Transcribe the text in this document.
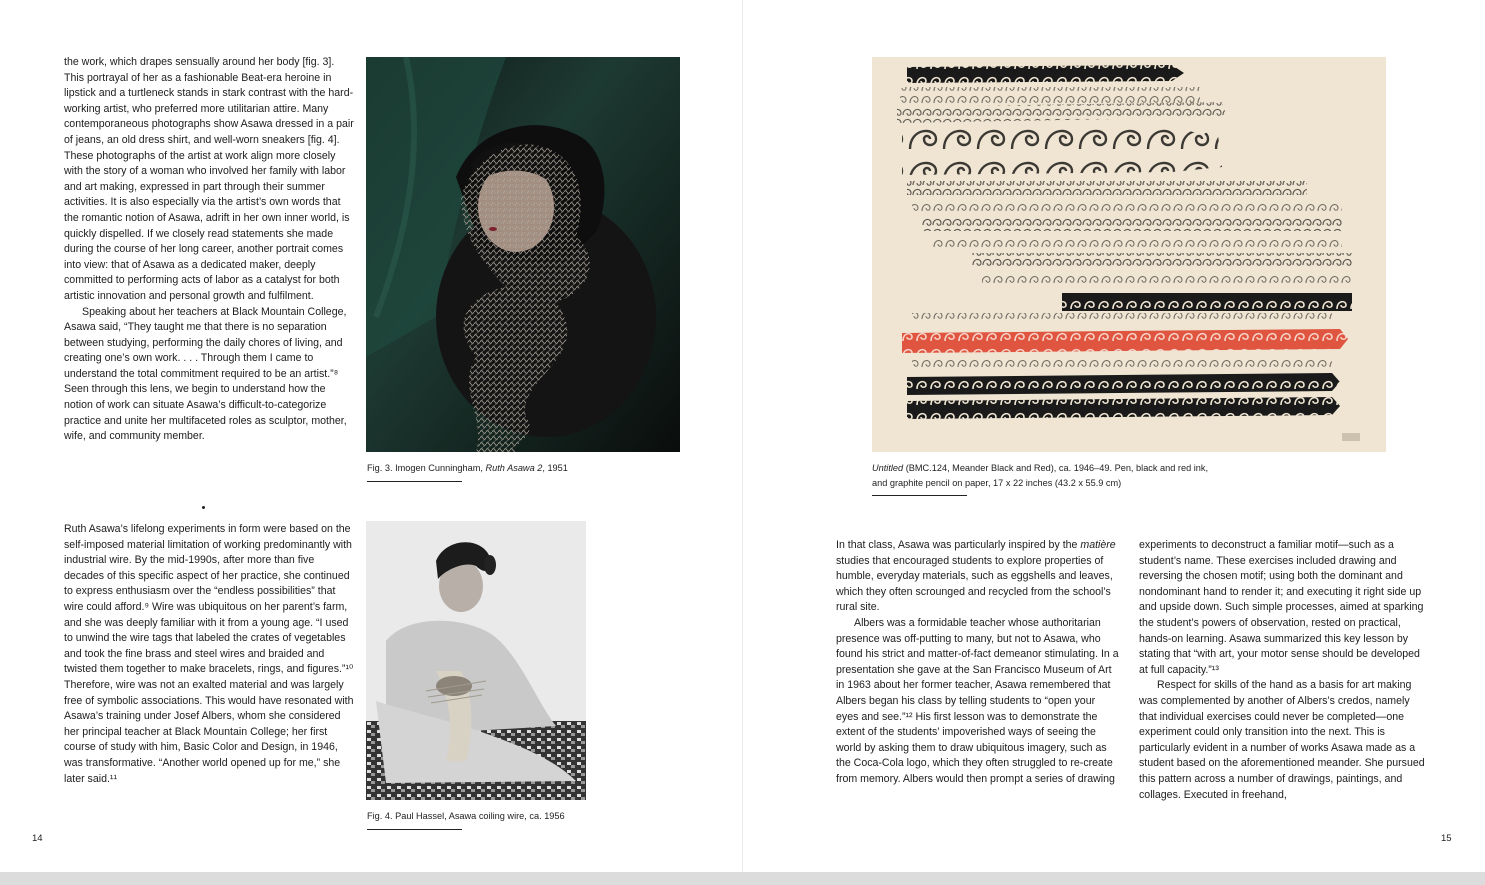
the work, which drapes sensually around her body [fig. 3]. This portrayal of her as a fashionable Beat-era heroine in lipstick and a turtleneck stands in stark contrast with the hard-working artist, who preferred more utilitarian attire. Many contemporaneous photographs show Asawa dressed in a pair of jeans, an old dress shirt, and well-worn sneakers [fig. 4]. These photographs of the artist at work align more closely with the story of a woman who involved her family with labor and art making, expressed in part through their summer activities. It is also especially via the artist’s own words that the romantic notion of Asawa, adrift in her own inner world, is quickly dispelled. If we closely read statements she made during the course of her long career, another portrait comes into view: that of Asawa as a dedicated maker, deeply committed to performing acts of labor as a catalyst for both artistic innovation and personal growth and fulfilment.

Speaking about her teachers at Black Mountain College, Asawa said, “They taught me that there is no separation between studying, performing the daily chores of living, and creating one’s own work. . . . Through them I came to understand the total commitment required to be an artist.”⁸ Seen through this lens, we begin to understand how the notion of work can situate Asawa’s difficult-to-categorize practice and unite her multifaceted roles as sculptor, mother, wife, and community member.

Ruth Asawa’s lifelong experiments in form were based on the self-imposed material limitation of working predominantly with industrial wire. By the mid-1990s, after more than five decades of this specific aspect of her practice, she continued to express enthusiasm over the “endless possibilities” that wire could afford.⁹ Wire was ubiquitous on her parent’s farm, and she was deeply familiar with it from a young age. “I used to unwind the wire tags that labeled the crates of vegetables and took the fine brass and steel wires and braided and twisted them together to make bracelets, rings, and figures.”¹⁰ Therefore, wire was not an exalted material and was largely free of symbolic associations. This would have resonated with Asawa’s training under Josef Albers, whom she considered her principal teacher at Black Mountain College; her first course of study with him, Basic Color and Design, in 1946, was transformative. “Another world opened up for me,” she later said.¹¹

Fig. 3. Imogen Cunningham, Ruth Asawa 2, 1951
Fig. 4. Paul Hassel, Asawa coiling wire, ca. 1956
14
Untitled (BMC.124, Meander Black and Red), ca. 1946–49. Pen, black and red ink,
and graphite pencil on paper, 17 x 22 inches (43.2 x 55.9 cm)

In that class, Asawa was particularly inspired by the matière studies that encouraged students to explore properties of humble, everyday materials, such as eggshells and leaves, which they often scrounged and recycled from the school’s rural site.

Albers was a formidable teacher whose authoritarian presence was off-putting to many, but not to Asawa, who found his strict and matter-of-fact demeanor stimulating. In a presentation she gave at the San Francisco Museum of Art in 1963 about her former teacher, Asawa remembered that Albers began his class by telling students to “open your eyes and see.”¹² His first lesson was to demonstrate the extent of the students’ impoverished ways of seeing the world by asking them to draw ubiquitous imagery, such as the Coca-Cola logo, which they often struggled to re-create from memory. Albers would then prompt a series of drawing

experiments to deconstruct a familiar motif—such as a student’s name. These exercises included drawing and reversing the chosen motif; using both the dominant and nondominant hand to render it; and executing it right side up and upside down. Such simple processes, aimed at sparking the student’s powers of observation, rested on practical, hands-on learning. Asawa summarized this key lesson by stating that “with art, your motor sense should be developed at full capacity.”¹³

Respect for skills of the hand as a basis for art making was complemented by another of Albers’s credos, namely that individual exercises could never be completed—one experiment could only transition into the next. This is particularly evident in a number of works Asawa made as a student based on the aforementioned meander. She pursued this pattern across a number of drawings, paintings, and collages. Executed in freehand,

15
